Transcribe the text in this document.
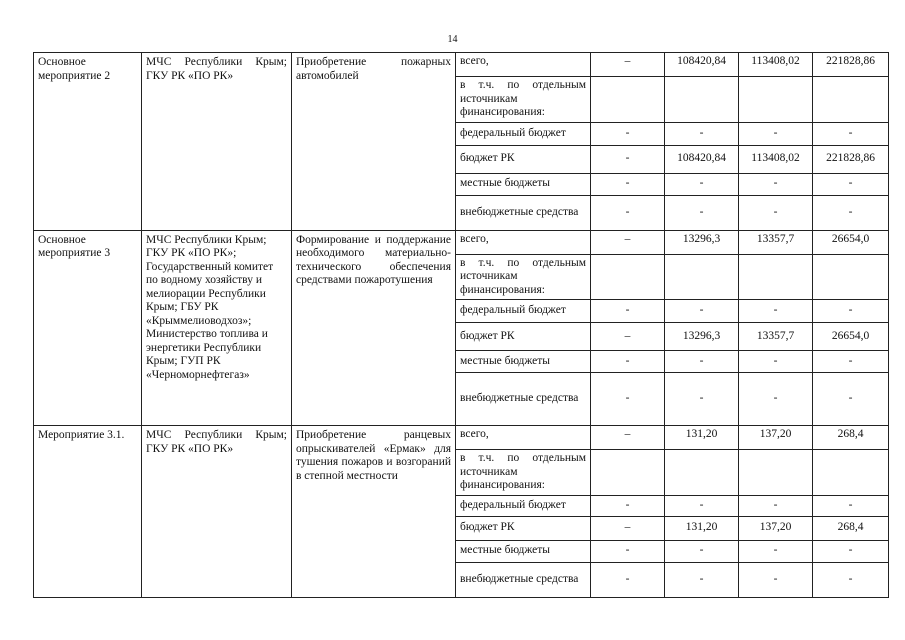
14
Основное мероприятие 2	МЧС Республики Крым; ГКУ РК «ПО РК»	Приобретение пожарных автомобилей	всего,	–	108420,84	113408,02	221828,86
			в т.ч. по отдельным источникам финансирования:				
			федеральный бюджет	-	-	-	-
			бюджет РК	-	108420,84	113408,02	221828,86
			местные бюджеты	-	-	-	-
			внебюджетные средства	-	-	-	-
Основное мероприятие 3	МЧС Республики Крым; ГКУ РК «ПО РК»; Государственный комитет по водному хозяйству и мелиорации Республики Крым; ГБУ РК «Крыммелиоводхоз»; Министерство топлива и энергетики Республики Крым; ГУП РК «Черноморнефтегаз»	Формирование и поддержание необходимого материально-технического обеспечения средствами пожаротушения	всего,	–	13296,3	13357,7	26654,0
			в т.ч. по отдельным источникам финансирования:				
			федеральный бюджет	-	-	-	-
			бюджет РК	–	13296,3	13357,7	26654,0
			местные бюджеты	-	-	-	-
			внебюджетные средства	-	-	-	-
Мероприятие 3.1.	МЧС Республики Крым; ГКУ РК «ПО РК»	Приобретение ранцевых опрыскивателей «Ермак» для тушения пожаров и возгораний в степной местности	всего,	–	131,20	137,20	268,4
			в т.ч. по отдельным источникам финансирования:				
			федеральный бюджет	-	-	-	-
			бюджет РК	–	131,20	137,20	268,4
			местные бюджеты	-	-	-	-
			внебюджетные средства	-	-	-	-
